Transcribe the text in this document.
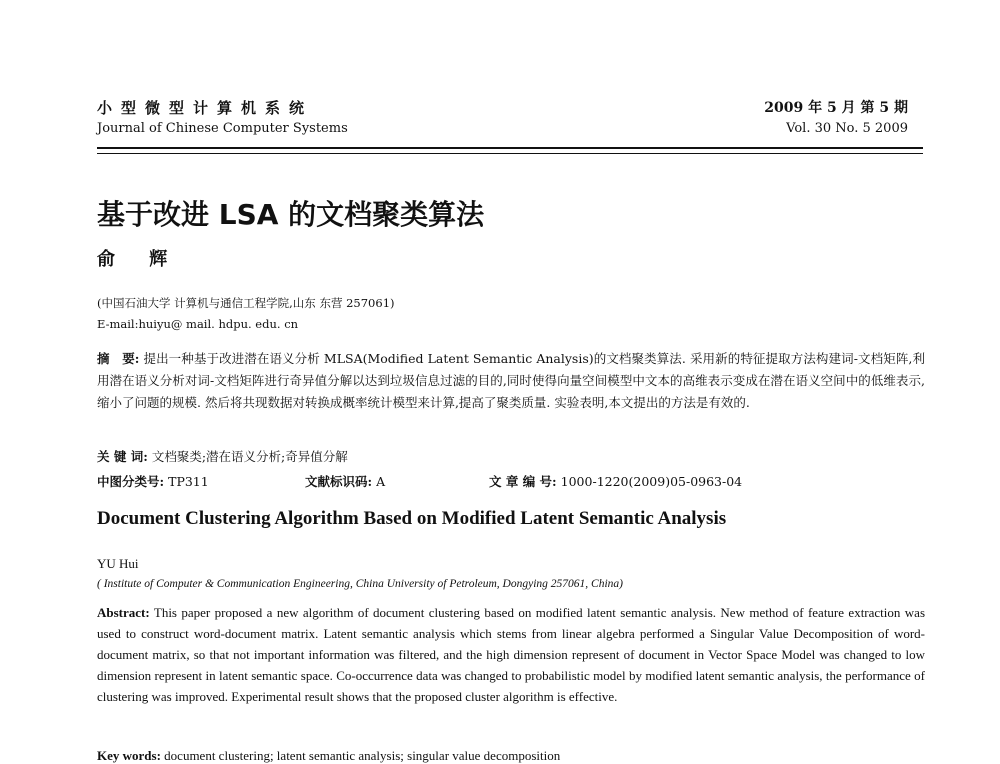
小型微型计算机系统
Journal of Chinese Computer Systems
2009 年 5 月 第 5 期
Vol. 30 No. 5 2009
基于改进 LSA 的文档聚类算法
俞 辉
(中国石油大学 计算机与通信工程学院,山东 东营 257061)
E-mail:huiyu@ mail. hdpu. edu. cn
摘　要: 提出一种基于改进潜在语义分析 MLSA(Modified Latent Semantic Analysis)的文档聚类算法. 采用新的特征提取方法构建词-文档矩阵,利用潜在语义分析对词-文档矩阵进行奇异值分解以达到垃圾信息过滤的目的,同时使得向量空间模型中文本的高维表示变成在潜在语义空间中的低维表示,缩小了问题的规模. 然后将共现数据对转换成概率统计模型来计算,提高了聚类质量. 实验表明,本文提出的方法是有效的.
关 键 词: 文档聚类;潜在语义分析;奇异值分解
中图分类号: TP311	文献标识码: A	文 章 编 号: 1000-1220(2009)05-0963-04
Document Clustering Algorithm Based on Modified Latent Semantic Analysis
YU Hui
( Institute of Computer & Communication Engineering, China University of Petroleum, Dongying 257061, China)
Abstract: This paper proposed a new algorithm of document clustering based on modified latent semantic analysis. New method of feature extraction was used to construct word-document matrix. Latent semantic analysis which stems from linear algebra performed a Singular Value Decomposition of word-document matrix, so that not important information was filtered, and the high dimension represent of document in Vector Space Model was changed to low dimension represent in latent semantic space. Co-occurrence data was changed to probabilistic model by modified latent semantic analysis, the performance of clustering was improved. Experimental result shows that the proposed cluster algorithm is effective.
Key words: document clustering; latent semantic analysis; singular value decomposition
